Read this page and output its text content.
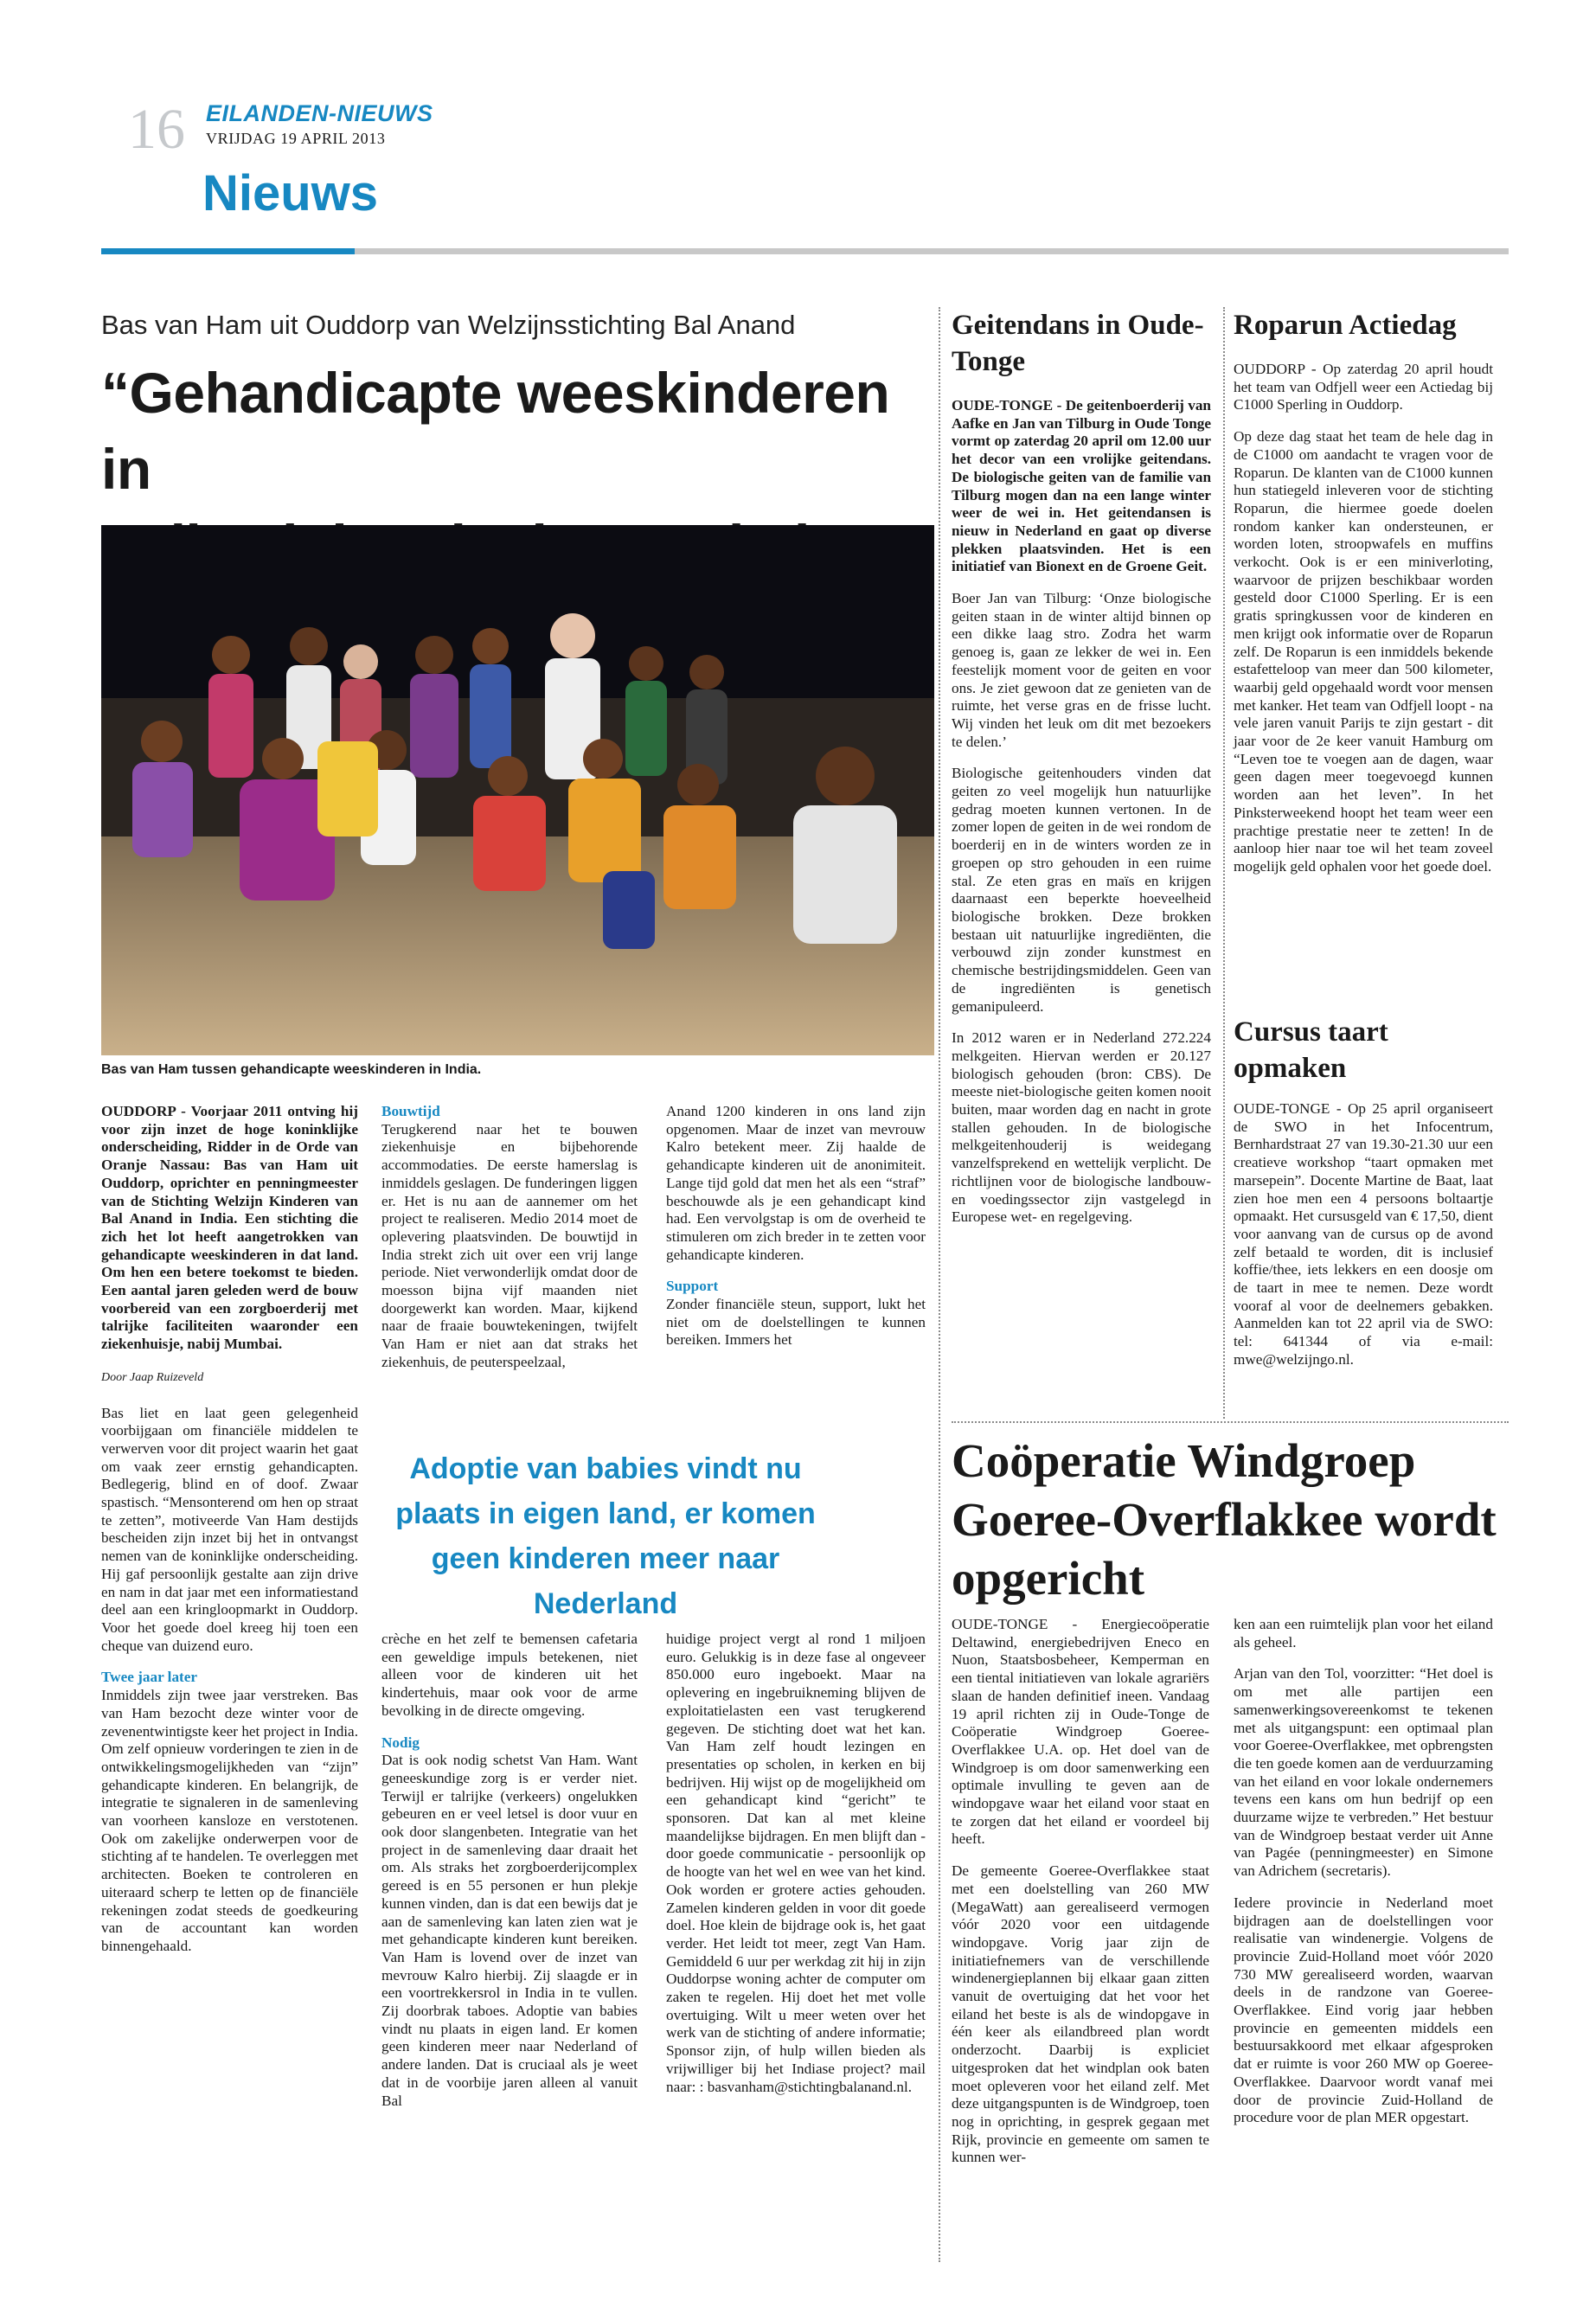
16 EILANDEN-NIEUWS
VRIJDAG 19 APRIL 2013
Nieuws
Bas van Ham uit Ouddorp van Welzijnsstichting Bal Anand
“Gehandicapte weeskinderen in
Bas van Ham tussen gehandicapte weeskinderen in India.

OUDDORP - Voorjaar 2011 ontving hij voor zijn inzet de hoge koninklijke onderscheiding, Ridder in de Orde van Oranje Nassau: Bas van Ham uit Ouddorp, oprichter en penningmeester van de Stichting Welzijn Kinderen van Bal Anand in India. Een stichting die zich het lot heeft aangetrokken van gehandicapte weeskinderen in dat land. Om hen een betere toekomst te bieden. Een aantal jaren geleden werd de bouw voorbereid van een zorgboerderij met talrijke faciliteiten waaronder een ziekenhuisje, nabij Mumbai.

Door Jaap Ruizeveld

Bas liet en laat geen gelegenheid voorbijgaan om financiële middelen te verwerven voor dit project waarin het gaat om vaak zeer ernstig gehandicapten. Bedlegerig, blind en of doof. Zwaar spastisch. “Mensonterend om hen op straat te zetten”, motiveerde Van Ham destijds bescheiden zijn inzet bij het in ontvangst nemen van de koninklijke onderscheiding. Hij gaf persoonlijk gestalte aan zijn drive en nam in dat jaar met een informatiestand deel aan een kringloopmarkt in Ouddorp. Voor het goede doel kreeg hij toen een cheque van duizend euro.

Twee jaar later

Inmiddels zijn twee jaar verstreken. Bas van Ham bezocht deze winter voor de zevenentwintigste keer het project in India. Om zelf opnieuw vorderingen te zien in de ontwikkelingsmogelijkheden van “zijn” gehandicapte kinderen. En belangrijk, de integratie te signaleren in de samenleving van voorheen kansloze en verstotenen. Ook om zakelijke onderwerpen voor de stichting af te handelen. Te overleggen met architecten. Boeken te controleren en uiteraard scherp te letten op de financiële rekeningen zodat steeds de goedkeuring van de accountant kan worden binnengehaald.

Bouwtijd

Terugkerend naar het te bouwen ziekenhuisje en bijbehorende accommodaties. De eerste hamerslag is inmiddels geslagen. De funderingen liggen er. Het is nu aan de aannemer om het project te realiseren. Medio 2014 moet de oplevering plaatsvinden. De bouwtijd in India strekt zich uit over een vrij lange periode. Niet verwonderlijk omdat door de moesson bijna vijf maanden niet doorgewerkt kan worden. Maar, kijkend naar de fraaie bouwtekeningen, twijfelt Van Ham er niet aan dat straks het ziekenhuis, de peuterspeelzaal,

Anand 1200 kinderen in ons land zijn opgenomen. Maar de inzet van mevrouw Kalro betekent meer. Zij haalde de gehandicapte kinderen uit de anonimiteit. Lange tijd gold dat men het als een “straf” beschouwde als je een gehandicapt kind had. Een vervolgstap is om de overheid te stimuleren om zich breder in te zetten voor gehandicapte kinderen.

Support

Zonder financiële steun, support, lukt het niet om de doelstellingen te kunnen bereiken. Immers het

Adoptie van babies vindt nu plaats in eigen land, er komen geen kinderen meer naar Nederland

crèche en het zelf te bemensen cafetaria een geweldige impuls betekenen, niet alleen voor de kinderen uit het kindertehuis, maar ook voor de arme bevolking in de directe omgeving.

Nodig

Dat is ook nodig schetst Van Ham. Want geneeskundige zorg is er verder niet. Terwijl er talrijke (verkeers) ongelukken gebeuren en er veel letsel is door vuur en ook door slangenbeten. Integratie van het project in de samenleving daar draait het om. Als straks het zorgboerderijcomplex gereed is en 55 personen er hun plekje kunnen vinden, dan is dat een bewijs dat je aan de samenleving kan laten zien wat je met gehandicapte kinderen kunt bereiken. Van Ham is lovend over de inzet van mevrouw Kalro hierbij. Zij slaagde er in een voortrekkersrol in India in te vullen. Zij doorbrak taboes. Adoptie van babies vindt nu plaats in eigen land. Er komen geen kinderen meer naar Nederland of andere landen. Dat is cruciaal als je weet dat in de voorbije jaren alleen al vanuit Bal

huidige project vergt al rond 1 miljoen euro. Gelukkig is in deze fase al ongeveer 850.000 euro ingeboekt. Maar na oplevering en ingebruikneming blijven de exploitatielasten een vast terugkerend gegeven. De stichting doet wat het kan. Van Ham zelf houdt lezingen en presentaties op scholen, in kerken en bij bedrijven. Hij wijst op de mogelijkheid om een gehandicapt kind “gericht” te sponsoren. Dat kan al met kleine maandelijkse bijdragen. En men blijft dan - door goede communicatie - persoonlijk op de hoogte van het wel en wee van het kind. Ook worden er grotere acties gehouden. Zamelen kinderen gelden in voor dit goede doel. Hoe klein de bijdrage ook is, het gaat verder. Het leidt tot meer, zegt Van Ham. Gemiddeld 6 uur per werkdag zit hij in zijn Ouddorpse woning achter de computer om zaken te regelen. Hij doet het met volle overtuiging. Wilt u meer weten over het werk van de stichting of andere informatie; Sponsor zijn, of hulp willen bieden als vrijwilliger bij het Indiase project? mail naar: : basvanham@stichtingbalanand.nl.

Geitendans in Oude-Tonge

OUDE-TONGE - De geitenboerderij van Aafke en Jan van Tilburg in Oude Tonge vormt op zaterdag 20 april om 12.00 uur het decor van een vrolijke geitendans. De biologische geiten van de familie van Tilburg mogen dan na een lange winter weer de wei in. Het geitendansen is nieuw in Nederland en gaat op diverse plekken plaatsvinden. Het is een initiatief van Bionext en de Groene Geit.

Boer Jan van Tilburg: ‘Onze biologische geiten staan in de winter altijd binnen op een dikke laag stro. Zodra het warm genoeg is, gaan ze lekker de wei in. Een feestelijk moment voor de geiten en voor ons. Je ziet gewoon dat ze genieten van de ruimte, het verse gras en de frisse lucht. Wij vinden het leuk om dit met bezoekers te delen.’

Biologische geitenhouders vinden dat geiten zo veel mogelijk hun natuurlijke gedrag moeten kunnen vertonen. In de zomer lopen de geiten in de wei rondom de boerderij en in de winters worden ze in groepen op stro gehouden in een ruime stal. Ze eten gras en maïs en krijgen daarnaast een beperkte hoeveelheid biologische brokken. Deze brokken bestaan uit natuurlijke ingrediënten, die verbouwd zijn zonder kunstmest en chemische bestrijdingsmiddelen. Geen van de ingrediënten is genetisch gemanipuleerd.

In 2012 waren er in Nederland 272.224 melkgeiten. Hiervan werden er 20.127 biologisch gehouden (bron: CBS). De meeste niet-biologische geiten komen nooit buiten, maar worden dag en nacht in grote stallen gehouden. In de biologische melkgeitenhouderij is weidegang vanzelfsprekend en wettelijk verplicht. De richtlijnen voor de biologische landbouw- en voedingssector zijn vastgelegd in Europese wet- en regelgeving.

Roparun Actiedag

OUDDORP - Op zaterdag 20 april houdt het team van Odfjell weer een Actiedag bij C1000 Sperling in Ouddorp.

Op deze dag staat het team de hele dag in de C1000 om aandacht te vragen voor de Roparun. De klanten van de C1000 kunnen hun statiegeld inleveren voor de stichting Roparun, die hiermee goede doelen rondom kanker kan ondersteunen, er worden loten, stroopwafels en muffins verkocht. Ook is er een miniverloting, waarvoor de prijzen beschikbaar worden gesteld door C1000 Sperling. Er is een gratis springkussen voor de kinderen en men krijgt ook informatie over de Roparun zelf. De Roparun is een inmiddels bekende estafetteloop van meer dan 500 kilometer, waarbij geld opgehaald wordt voor mensen met kanker. Het team van Odfjell loopt - na vele jaren vanuit Parijs te zijn gestart - dit jaar voor de 2e keer vanuit Hamburg om “Leven toe te voegen aan de dagen, waar geen dagen meer toegevoegd kunnen worden aan het leven”. In het Pinksterweekend hoopt het team weer een prachtige prestatie neer te zetten! In de aanloop hier naar toe wil het team zoveel mogelijk geld ophalen voor het goede doel.

Cursus taart opmaken

OUDE-TONGE - Op 25 april organiseert de SWO in het Infocentrum, Bernhardstraat 27 van 19.30-21.30 uur een creatieve workshop “taart opmaken met marsepein”. Docente Martine de Baat, laat zien hoe men een 4 persoons boltaartje opmaakt. Het cursusgeld van € 17,50, dient voor aanvang van de cursus op de avond zelf betaald te worden, dit is inclusief koffie/thee, iets lekkers en een doosje om de taart in mee te nemen. Deze wordt vooraf al voor de deelnemers gebakken. Aanmelden kan tot 22 april via de SWO: tel: 641344 of via e-mail: mwe@welzijngo.nl.

Coöperatie Windgroep Goeree-Overflakkee wordt opgericht

OUDE-TONGE - Energiecoöperatie Deltawind, energiebedrijven Eneco en Nuon, Staatsbosbeheer, Kemperman en een tiental initiatieven van lokale agrariërs slaan de handen definitief ineen. Vandaag 19 april richten zij in Oude-Tonge de Coöperatie Windgroep Goeree-Overflakkee U.A. op. Het doel van de Windgroep is om door samenwerking een optimale invulling te geven aan de windopgave waar het eiland voor staat en te zorgen dat het eiland er voordeel bij heeft.

De gemeente Goeree-Overflakkee staat met een doelstelling van 260 MW (MegaWatt) aan gerealiseerd vermogen vóór 2020 voor een uitdagende windopgave. Vorig jaar zijn de initiatiefnemers van de verschillende windenergieplannen bij elkaar gaan zitten vanuit de overtuiging dat het voor het eiland het beste is als de windopgave in één keer als eilandbreed plan wordt onderzocht. Daarbij is expliciet uitgesproken dat het windplan ook baten moet opleveren voor het eiland zelf. Met deze uitgangspunten is de Windgroep, toen nog in oprichting, in gesprek gegaan met Rijk, provincie en gemeente om samen te kunnen wer-

ken aan een ruimtelijk plan voor het eiland als geheel.

Arjan van den Tol, voorzitter: “Het doel is om met alle partijen een samenwerkingsovereenkomst te tekenen met als uitgangspunt: een optimaal plan voor Goeree-Overflakkee, met opbrengsten die ten goede komen aan de verduurzaming van het eiland en voor lokale ondernemers tevens een kans om hun bedrijf op een duurzame wijze te verbreden.” Het bestuur van de Windgroep bestaat verder uit Anne van Pagée (penningmeester) en Simone van Adrichem (secretaris).

Iedere provincie in Nederland moet bijdragen aan de doelstellingen voor realisatie van windenergie. Volgens de provincie Zuid-Holland moet vóór 2020 730 MW gerealiseerd worden, waarvan deels in de randzone van Goeree-Overflakkee. Eind vorig jaar hebben provincie en gemeenten middels een bestuursakkoord met elkaar afgesproken dat er ruimte is voor 260 MW op Goeree-Overflakkee. Daarvoor wordt vanaf mei door de provincie Zuid-Holland de procedure voor de plan MER opgestart.
